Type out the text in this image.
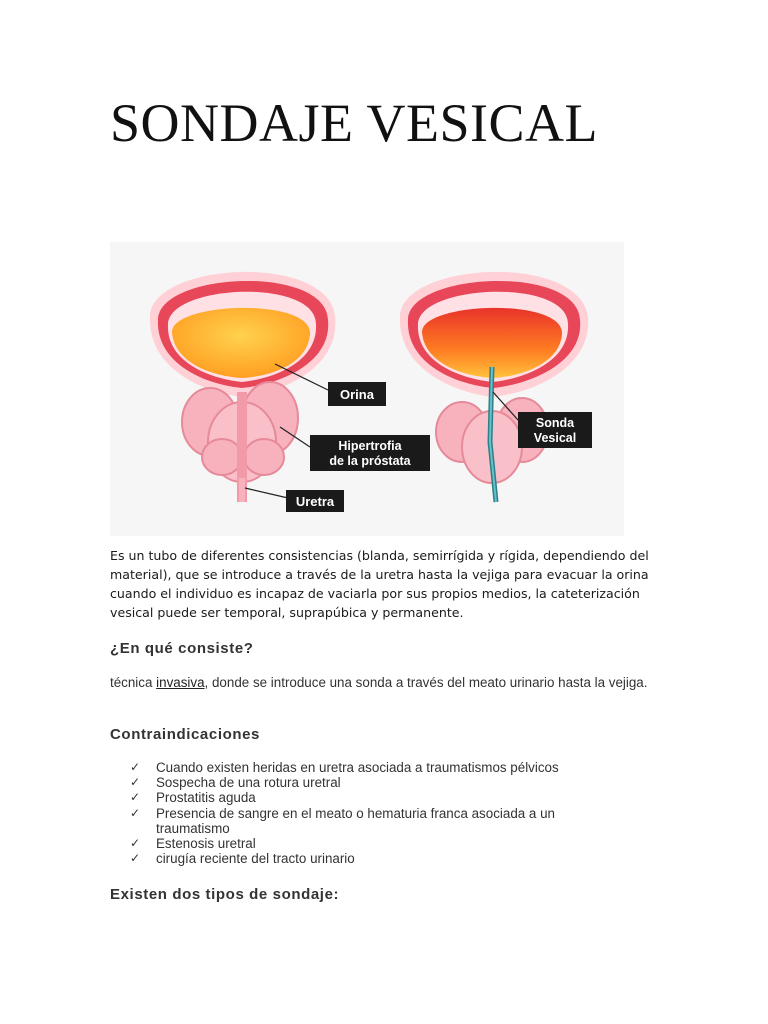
SONDAJE VESICAL
Orina
Hipertrofia
de la próstata
Uretra
Sonda
Vesical

Es un tubo de diferentes consistencias (blanda, semirrígida y rígida, dependiendo del material), que se introduce a través de la uretra hasta la vejiga para evacuar la orina cuando el individuo es incapaz de vaciarla por sus propios medios, la cateterización vesical puede ser temporal, suprapúbica y permanente.

¿En qué consiste?

técnica invasiva, donde se introduce una sonda a través del meato urinario hasta la vejiga.

Contraindicaciones
✓ Cuando existen heridas en uretra asociada a traumatismos pélvicos
✓ Sospecha de una rotura uretral
✓ Prostatitis aguda
✓ Presencia de sangre en el meato o hematuria franca asociada a un traumatismo
✓ Estenosis uretral
✓ cirugía reciente del tracto urinario
Existen dos tipos de sondaje:
